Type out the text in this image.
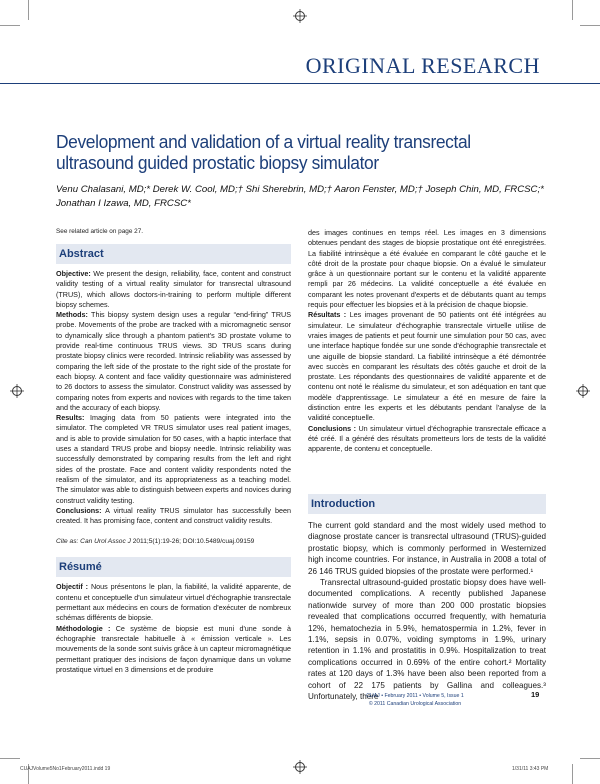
ORIGINAL RESEARCH
Development and validation of a virtual reality transrectal
ultrasound guided prostatic biopsy simulator
Venu Chalasani, MD;* Derek W. Cool, MD;† Shi Sherebrin, MD;† Aaron Fenster, MD;† Joseph Chin, MD, FRCSC;*
Jonathan I Izawa, MD, FRCSC*
See related article on page 27.
Abstract

Objective: We present the design, reliability, face, content and construct validity testing of a virtual reality simulator for transrectal ultrasound (TRUS), which allows doctors-in-training to perform multiple different biopsy schemes.

Methods: This biopsy system design uses a regular “end-firing” TRUS probe. Movements of the probe are tracked with a micromagnetic sensor to dynamically slice through a phantom patient's 3D prostate volume to provide real-time continuous TRUS views. 3D TRUS scans during prostate biopsy clinics were recorded. Intrinsic reliability was assessed by comparing the left side of the prostate to the right side of the prostate for each biopsy. A content and face validity questionnaire was administered to 26 doctors to assess the simulator. Construct validity was assessed by comparing notes from experts and novices with regards to the time taken and the accuracy of each biopsy.

Results: Imaging data from 50 patients were integrated into the simulator. The completed VR TRUS simulator uses real patient images, and is able to provide simulation for 50 cases, with a haptic interface that uses a standard TRUS probe and biopsy needle. Intrinsic reliability was successfully demonstrated by comparing results from the left and right sides of the prostate. Face and content validity respondents noted the realism of the simulator, and its appropriateness as a teaching model. The simulator was able to distinguish between experts and novices during construct validity testing.

Conclusions: A virtual reality TRUS simulator has successfully been created. It has promising face, content and construct validity results.

Cite as: Can Urol Assoc J 2011;5(1):19-26; DOI:10.5489/cuaj.09159

Résumé

Objectif : Nous présentons le plan, la fiabilité, la validité apparente, de contenu et conceptuelle d'un simulateur virtuel d'échographie transrectale permettant aux médecins en cours de formation d'exécuter de nombreux schémas différents de biopsie.

Méthodologie : Ce système de biopsie est muni d'une sonde à échographie transrectale habituelle à « émission verticale ». Les mouvements de la sonde sont suivis grâce à un capteur micromagnétique permettant pratiquer des incisions de façon dynamique dans un volume prostatique virtuel en 3 dimensions et de produire

des images continues en temps réel. Les images en 3 dimensions obtenues pendant des stages de biopsie prostatique ont été enregistrées. La fiabilité intrinsèque a été évaluée en comparant le côté gauche et le côté droit de la prostate pour chaque biopsie. On a évalué le simulateur grâce à un questionnaire portant sur le contenu et la validité apparente rempli par 26 médecins. La validité conceptuelle a été évaluée en comparant les notes provenant d'experts et de débutants quant au temps requis pour effectuer les biopsies et à la précision de chaque biopsie.

Résultats : Les images provenant de 50 patients ont été intégrées au simulateur. Le simulateur d'échographie transrectale virtuelle utilise de vraies images de patients et peut fournir une simulation pour 50 cas, avec une interface haptique fondée sur une sonde d'échographie transrectale et une aiguille de biopsie standard. La fiabilité intrinsèque a été démontrée avec succès en comparant les résultats des côtés gauche et droit de la prostate. Les répondants des questionnaires de validité apparente et de contenu ont noté le réalisme du simulateur, et son adéquation en tant que modèle d'apprentissage. Le simulateur a été en mesure de faire la distinction entre les experts et les débutants pendant l'analyse de la validité conceptuelle.

Conclusions : Un simulateur virtuel d'échographie transrectale efficace a été créé. Il a généré des résultats prometteurs lors de tests de la validité apparente, de contenu et conceptuelle.

Introduction

The current gold standard and the most widely used method to diagnose prostate cancer is transrectal ultrasound (TRUS)-guided prostatic biopsy, which is commonly performed in Westernized high income countries. For instance, in Australia in 2008 a total of 26 146 TRUS guided biopsies of the prostate were performed.¹

Transrectal ultrasound-guided prostatic biopsy does have well-documented complications. A recently published Japanese nationwide survey of more than 200 000 prostatic biopsies revealed that complications occurred frequently, with hematuria 12%, hematochezia in 5.9%, hematospermia in 1.2%, fever in 1.1%, sepsis in 0.07%, voiding symptoms in 1.9%, urinary retention in 1.1% and prostatitis in 0.9%. Hospitalization to treat complications occurred in 0.69% of the entire cohort.² Mortality rates at 120 days of 1.3% have been also been reported from a cohort of 22 175 patients by Gallina and colleagues.³ Unfortunately, there

CUAJ • February 2011 • Volume 5, Issue 1
© 2011 Canadian Urological Association
19
CUAJVolume5No1February2011.indd 19	1/31/11 3:43 PM
